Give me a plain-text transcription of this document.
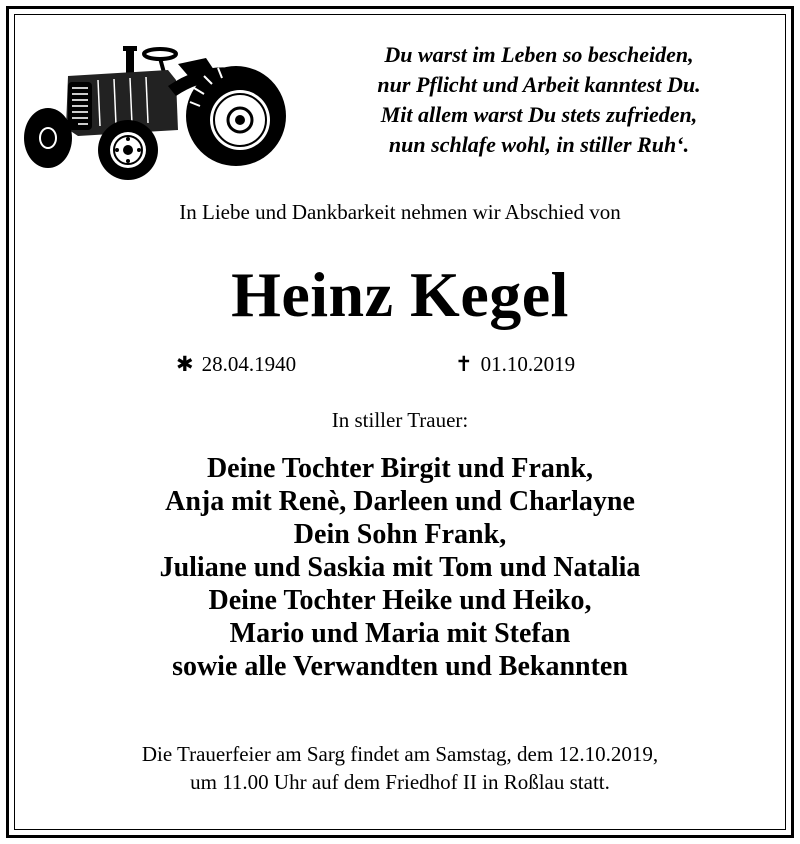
Du warst im Leben so bescheiden,
nur Pflicht und Arbeit kanntest Du.
Mit allem warst Du stets zufrieden,
nun schlafe wohl, in stiller Ruh‘.
In Liebe und Dankbarkeit nehmen wir Abschied von
Heinz Kegel
✱ 28.04.1940	✝ 01.10.2019
In stiller Trauer:
Deine Tochter Birgit und Frank,
Anja mit Renè, Darleen und Charlayne
Dein Sohn Frank,
Juliane und Saskia mit Tom und Natalia
Deine Tochter Heike und Heiko,
Mario und Maria mit Stefan
sowie alle Verwandten und Bekannten
Die Trauerfeier am Sarg findet am Samstag, dem 12.10.2019,
um 11.00 Uhr auf dem Friedhof II in Roßlau statt.
